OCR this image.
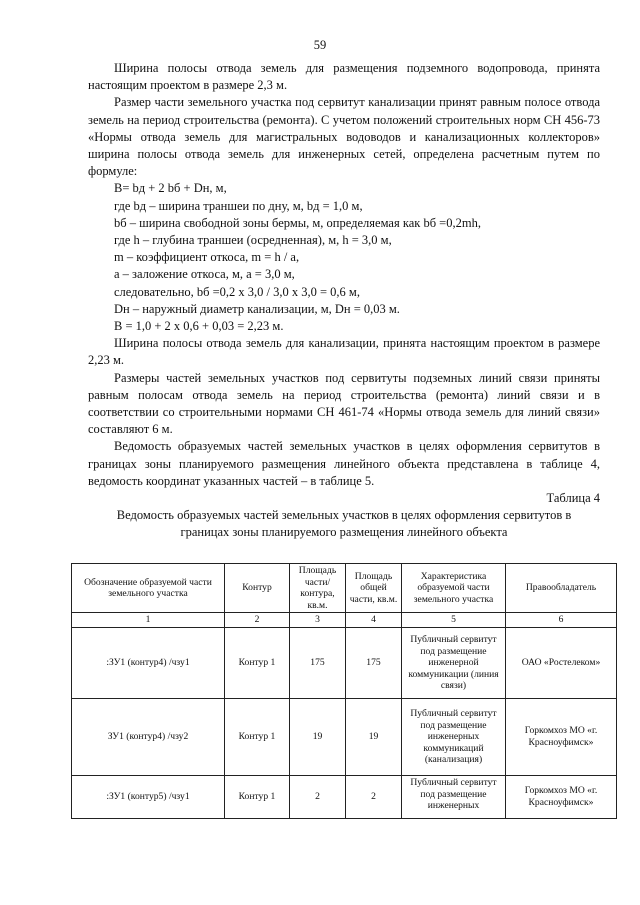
59

Ширина полосы отвода земель для размещения подземного водопровода, принята настоящим проектом в размере 2,3 м.

Размер части земельного участка под сервитут канализации принят равным полосе отвода земель на период строительства (ремонта). С учетом положений строительных норм СН 456-73 «Нормы отвода земель для магистральных водоводов и канализационных коллекторов» ширина полосы отвода земель для инженерных сетей, определена расчетным путем по формуле:

B= bд + 2 bб + Dн, м,

где bд – ширина траншеи по дну, м, bд = 1,0 м,

bб – ширина свободной зоны бермы, м, определяемая как bб =0,2mh,

где h – глубина траншеи (осредненная), м, h = 3,0 м,

m – коэффициент откоса, m = h / a,

а – заложение откоса, м, а = 3,0 м,

следовательно, bб =0,2 х 3,0 / 3,0 х 3,0 = 0,6 м,

Dн – наружный диаметр канализации, м, Dн = 0,03 м.

B = 1,0 + 2 х 0,6 + 0,03 = 2,23 м.

Ширина полосы отвода земель для канализации, принята настоящим проектом в размере 2,23 м.

Размеры частей земельных участков под сервитуты подземных линий связи приняты равным полосам отвода земель на период строительства (ремонта) линий связи и в соответствии со строительными нормами СН 461-74 «Нормы отвода земель для линий связи» составляют 6 м.

Ведомость образуемых частей земельных участков в целях оформления сервитутов в границах зоны планируемого размещения линейного объекта представлена в таблице 4, ведомость координат указанных частей – в таблице 5.

Таблица 4

Ведомость образуемых частей земельных участков в целях оформления сервитутов в границах зоны планируемого размещения линейного объекта

Обозначение образуемой части земельного участка	Контур	Площадь части/ контура, кв.м.	Площадь общей части, кв.м.	Характеристика образуемой части земельного участка	Правообладатель
1	2	3	4	5	6
:ЗУ1 (контур4) /чзу1	Контур 1	175	175	Публичный сервитут под размещение инженерной коммуникации (линия связи)	ОАО «Ростелеком»
ЗУ1 (контур4) /чзу2	Контур 1	19	19	Публичный сервитут под размещение инженерных коммуникаций (канализация)	Горкомхоз МО «г. Красноуфимск»
:ЗУ1 (контур5) /чзу1	Контур 1	2	2	Публичный сервитут под размещение инженерных	Горкомхоз МО «г. Красноуфимск»
